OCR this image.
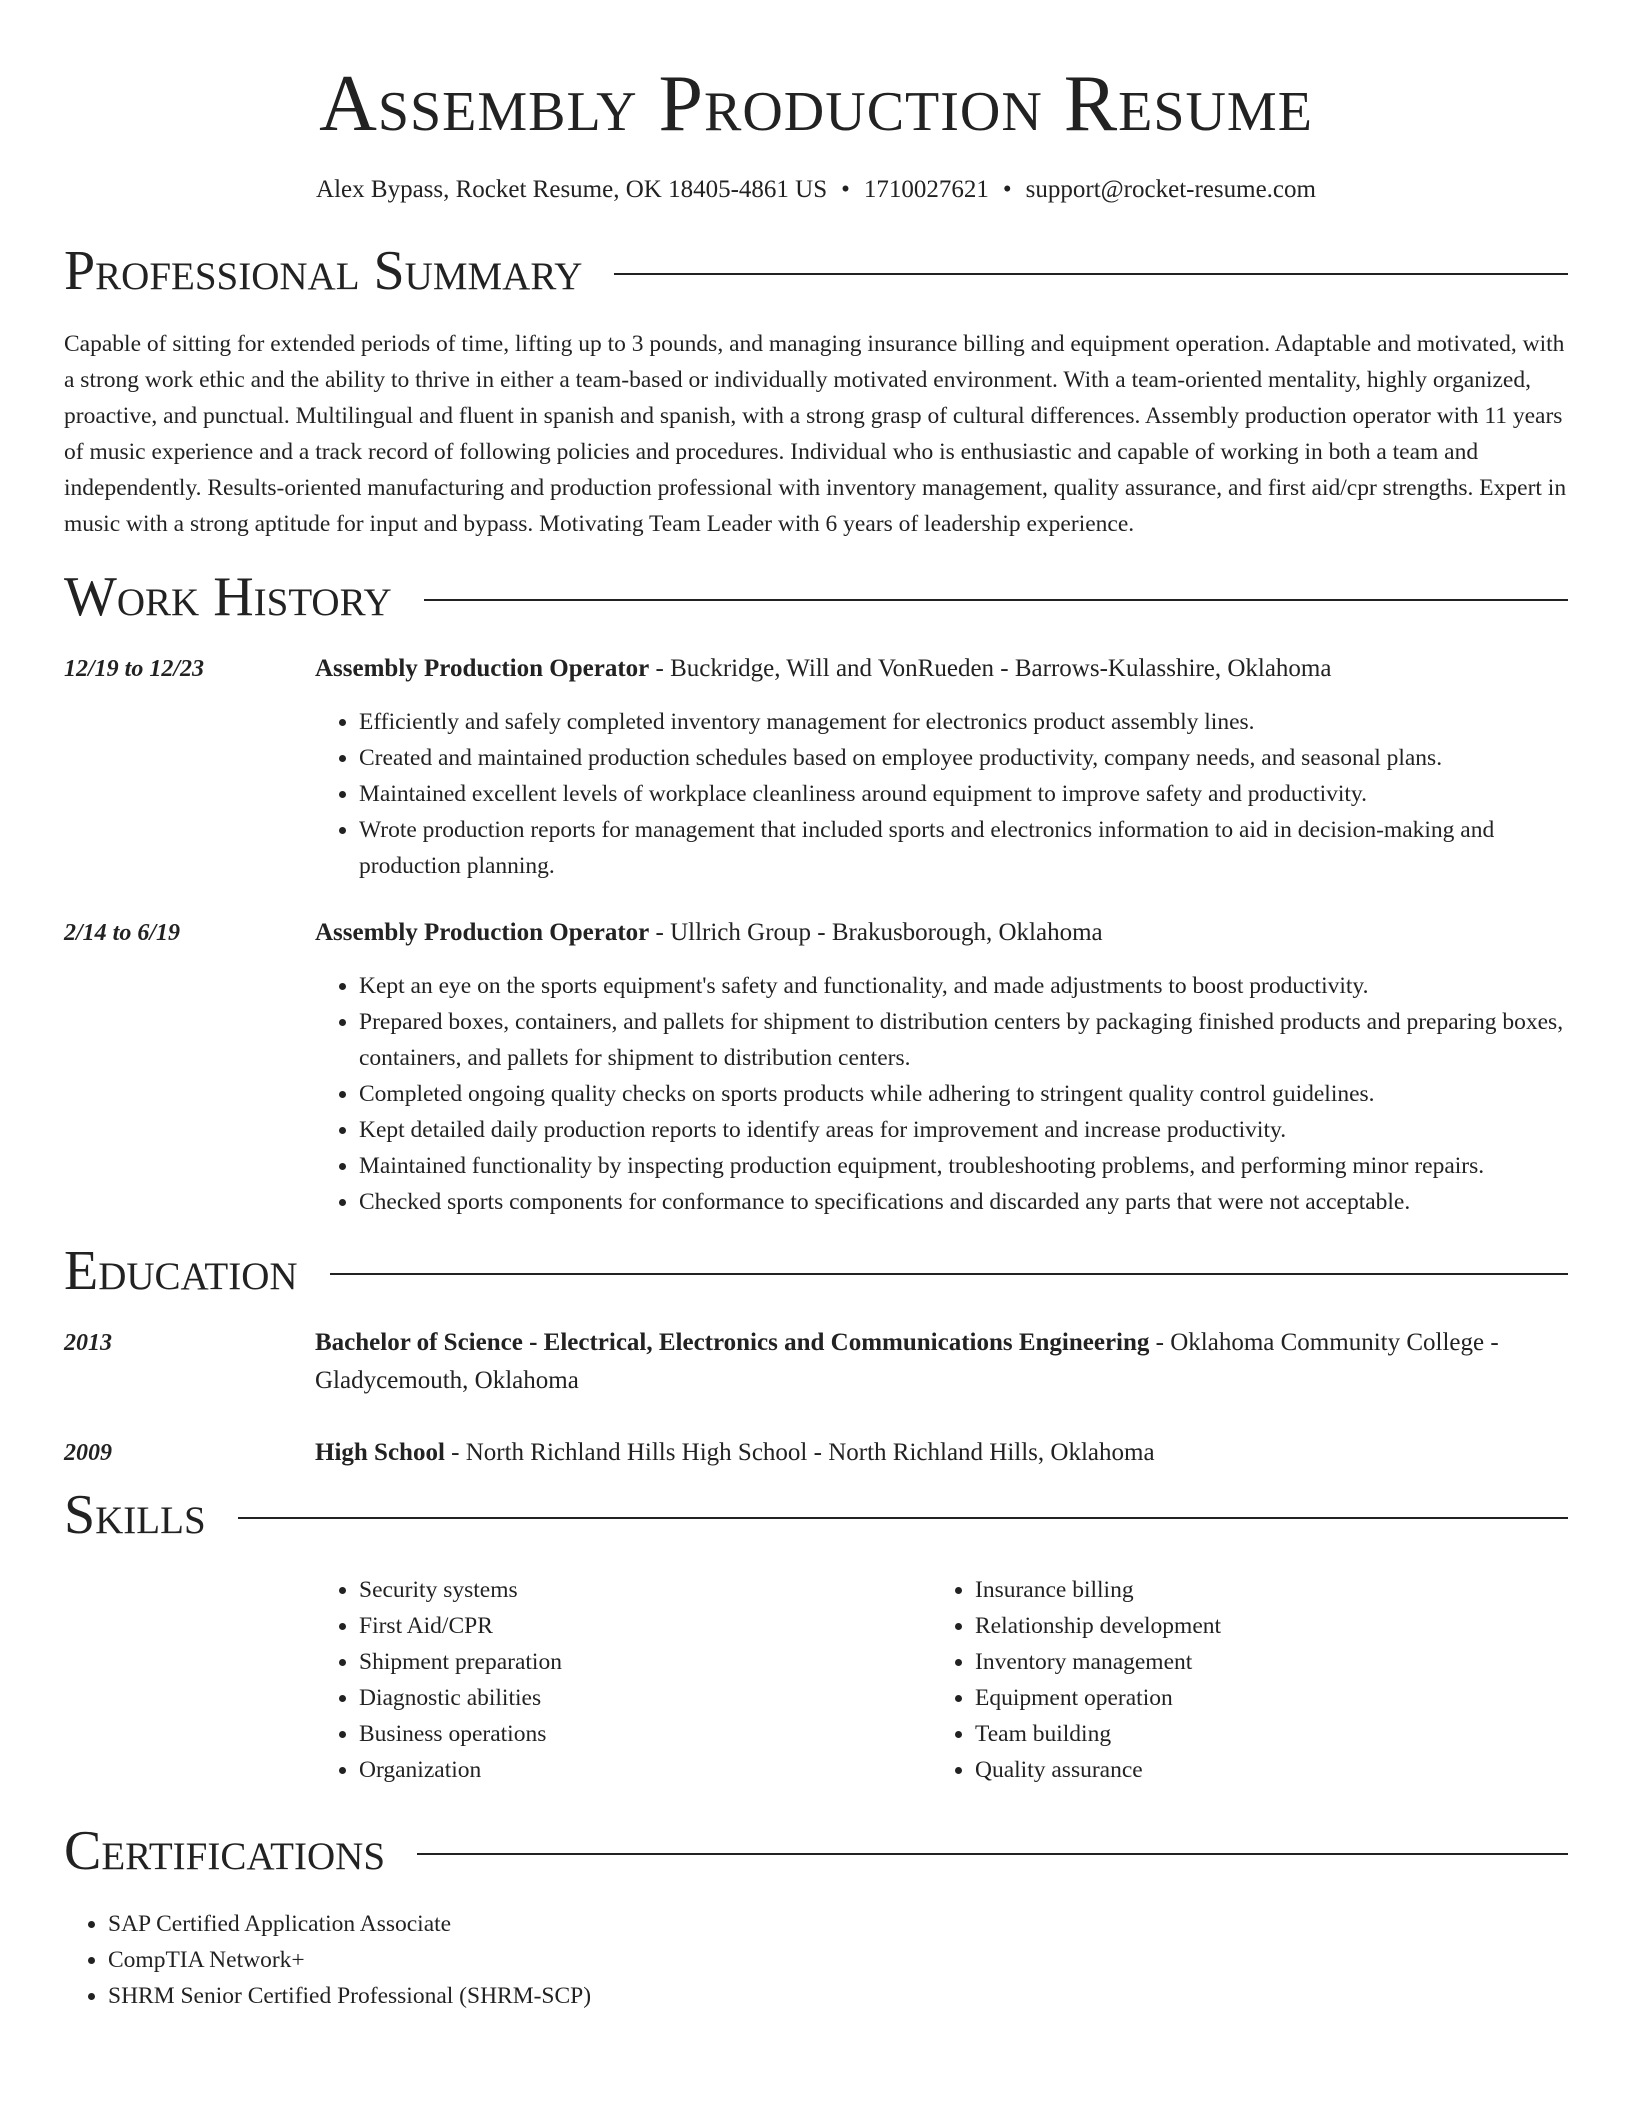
Assembly Production Resume
Alex Bypass, Rocket Resume, OK 18405-4861 US • 1710027621 • support@rocket-resume.com
Professional Summary

Capable of sitting for extended periods of time, lifting up to 3 pounds, and managing insurance billing and equipment operation. Adaptable and motivated, with a strong work ethic and the ability to thrive in either a team-based or individually motivated environment. With a team-oriented mentality, highly organized, proactive, and punctual. Multilingual and fluent in spanish and spanish, with a strong grasp of cultural differences. Assembly production operator with 11 years of music experience and a track record of following policies and procedures. Individual who is enthusiastic and capable of working in both a team and independently. Results-oriented manufacturing and production professional with inventory management, quality assurance, and first aid/cpr strengths. Expert in music with a strong aptitude for input and bypass. Motivating Team Leader with 6 years of leadership experience.

Work History
12/19 to 12/23	Assembly Production Operator - Buckridge, Will and VonRueden - Barrows-Kulasshire, Oklahoma
• Efficiently and safely completed inventory management for electronics product assembly lines.
• Created and maintained production schedules based on employee productivity, company needs, and seasonal plans.
• Maintained excellent levels of workplace cleanliness around equipment to improve safety and productivity.
• Wrote production reports for management that included sports and electronics information to aid in decision-making and production planning.
2/14 to 6/19	Assembly Production Operator - Ullrich Group - Brakusborough, Oklahoma
• Kept an eye on the sports equipment's safety and functionality, and made adjustments to boost productivity.
• Prepared boxes, containers, and pallets for shipment to distribution centers by packaging finished products and preparing boxes, containers, and pallets for shipment to distribution centers.
• Completed ongoing quality checks on sports products while adhering to stringent quality control guidelines.
• Kept detailed daily production reports to identify areas for improvement and increase productivity.
• Maintained functionality by inspecting production equipment, troubleshooting problems, and performing minor repairs.
• Checked sports components for conformance to specifications and discarded any parts that were not acceptable.
Education
2013	Bachelor of Science - Electrical, Electronics and Communications Engineering - Oklahoma Community College - Gladycemouth, Oklahoma
2009	High School - North Richland Hills High School - North Richland Hills, Oklahoma
Skills
• Security systems
• First Aid/CPR
• Shipment preparation
• Diagnostic abilities
• Business operations
• Organization
• Insurance billing
• Relationship development
• Inventory management
• Equipment operation
• Team building
• Quality assurance
Certifications
• SAP Certified Application Associate
• CompTIA Network+
• SHRM Senior Certified Professional (SHRM-SCP)
